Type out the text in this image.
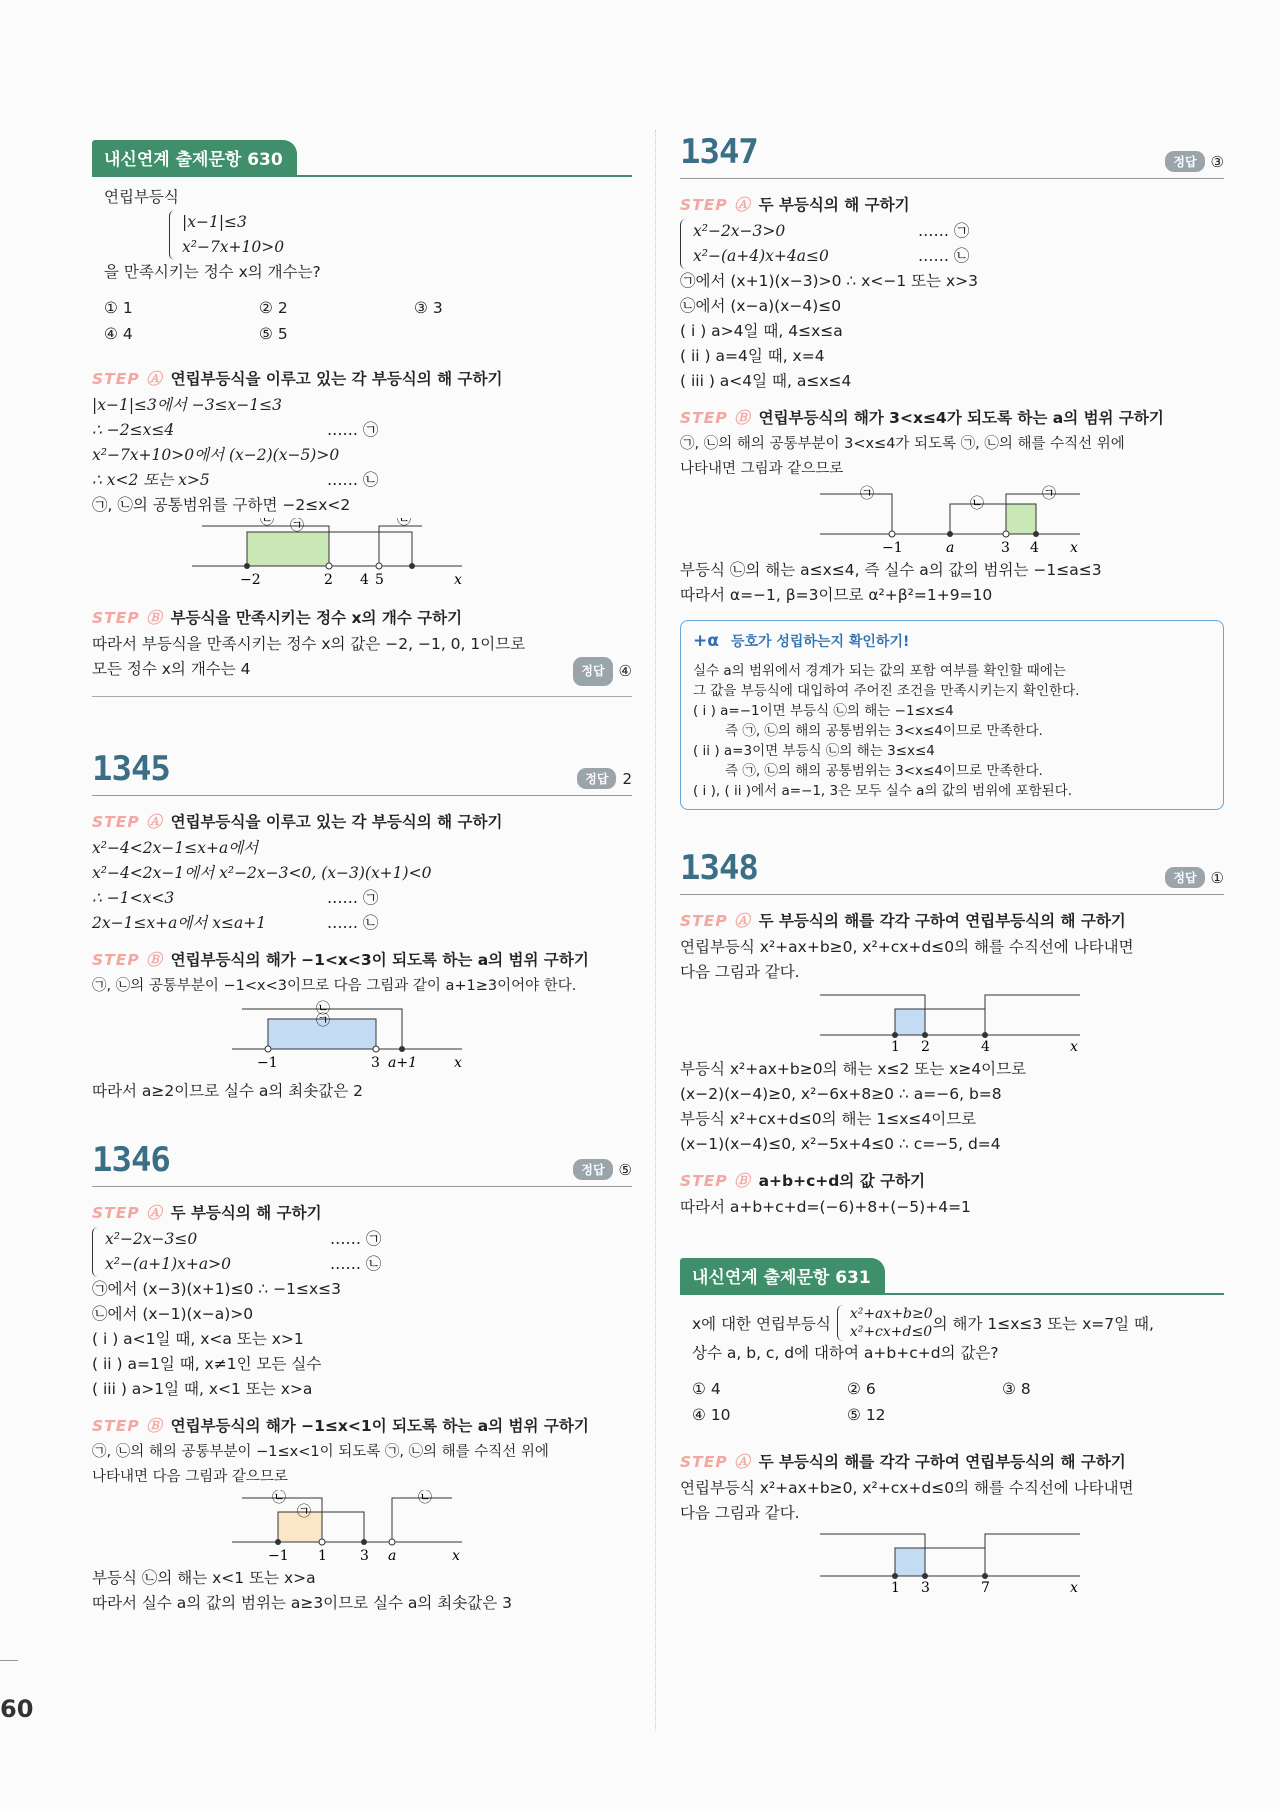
60
내신연계 출제문항 630
연립부등식
|x−1|≤3
x²−7x+10>0
을 만족시키는 정수 x의 개수는?
① 1	② 2	③ 3
④ 4	⑤ 5
STEP Ⓐ 연립부등식을 이루고 있는 각 부등식의 해 구하기
|x−1|≤3에서 −3≤x−1≤3
∴ −2≤x≤4	…… ㉠
x²−7x+10>0에서 (x−2)(x−5)>0
∴ x<2 또는 x>5	…… ㉡
㉠, ㉡의 공통범위를 구하면 −2≤x<2
−2	2 4 5	x
㉠
㉡	㉡
STEP Ⓑ 부등식을 만족시키는 정수 x의 개수 구하기
따라서 부등식을 만족시키는 정수 x의 값은 −2, −1, 0, 1이므로
모든 정수 x의 개수는 4	정답 ④
1345	정답 2
STEP Ⓐ 연립부등식을 이루고 있는 각 부등식의 해 구하기
x²−4<2x−1≤x+a에서
x²−4<2x−1에서 x²−2x−3<0, (x−3)(x+1)<0
∴ −1<x<3	…… ㉠
2x−1≤x+a에서 x≤a+1	…… ㉡
STEP Ⓑ 연립부등식의 해가 −1<x<3이 되도록 하는 a의 범위 구하기
㉠, ㉡의 공통부분이 −1<x<3이므로 다음 그림과 같이 a+1≥3이어야 한다.
−1	3 a+1	x
㉡
㉠
따라서 a≥2이므로 실수 a의 최솟값은 2
1346	정답 ⑤
STEP Ⓐ 두 부등식의 해 구하기
x²−2x−3≤0	…… ㉠
x²−(a+1)x+a>0	…… ㉡
㉠에서 (x−3)(x+1)≤0 ∴ −1≤x≤3
㉡에서 (x−1)(x−a)>0
( i ) a<1일 때, x<a 또는 x>1
( ii ) a=1일 때, x≠1인 모든 실수
( iii ) a>1일 때, x<1 또는 x>a
STEP Ⓑ 연립부등식의 해가 −1≤x<1이 되도록 하는 a의 범위 구하기
㉠, ㉡의 해의 공통부분이 −1≤x<1이 되도록 ㉠, ㉡의 해를 수직선 위에
나타내면 다음 그림과 같으므로
−1 1 3 a	x
㉡
㉠
㉡
부등식 ㉡의 해는 x<1 또는 x>a
따라서 실수 a의 값의 범위는 a≥3이므로 실수 a의 최솟값은 3
1347	정답 ③
STEP Ⓐ 두 부등식의 해 구하기
x²−2x−3>0	…… ㉠
x²−(a+4)x+4a≤0	…… ㉡
㉠에서 (x+1)(x−3)>0 ∴ x<−1 또는 x>3
㉡에서 (x−a)(x−4)≤0
( i ) a>4일 때, 4≤x≤a
( ii ) a=4일 때, x=4
( iii ) a<4일 때, a≤x≤4
STEP Ⓑ 연립부등식의 해가 3<x≤4가 되도록 하는 a의 범위 구하기
㉠, ㉡의 해의 공통부분이 3<x≤4가 되도록 ㉠, ㉡의 해를 수직선 위에
나타내면 그림과 같으므로
−1	a	3 4 x
㉠
㉡
㉠
부등식 ㉡의 해는 a≤x≤4, 즉 실수 a의 값의 범위는 −1≤a≤3
따라서 α=−1, β=3이므로 α²+β²=1+9=10
+α 등호가 성립하는지 확인하기!
실수 a의 범위에서 경계가 되는 값의 포함 여부를 확인할 때에는
그 값을 부등식에 대입하여 주어진 조건을 만족시키는지 확인한다.
( i ) a=−1이면 부등식 ㉡의 해는 −1≤x≤4
즉 ㉠, ㉡의 해의 공통범위는 3<x≤4이므로 만족한다.
( ii ) a=3이면 부등식 ㉡의 해는 3≤x≤4
즉 ㉠, ㉡의 해의 공통범위는 3<x≤4이므로 만족한다.
( i ), ( ii )에서 a=−1, 3은 모두 실수 a의 값의 범위에 포함된다.
1348	정답 ①
STEP Ⓐ 두 부등식의 해를 각각 구하여 연립부등식의 해 구하기
연립부등식 x²+ax+b≥0, x²+cx+d≤0의 해를 수직선에 나타내면
다음 그림과 같다.
1 2	4	x
부등식 x²+ax+b≥0의 해는 x≤2 또는 x≥4이므로
(x−2)(x−4)≥0, x²−6x+8≥0 ∴ a=−6, b=8
부등식 x²+cx+d≤0의 해는 1≤x≤4이므로
(x−1)(x−4)≤0, x²−5x+4≤0 ∴ c=−5, d=4
STEP Ⓑ a+b+c+d의 값 구하기
따라서 a+b+c+d=(−6)+8+(−5)+4=1
내신연계 출제문항 631
x에 대한 연립부등식
x²+ax+b≥0
x²+cx+d≤0 의 해가 1≤x≤3 또는 x=7일 때,
상수 a, b, c, d에 대하여 a+b+c+d의 값은?
① 4	② 6	③ 8
④ 10	⑤ 12
STEP Ⓐ 두 부등식의 해를 각각 구하여 연립부등식의 해 구하기
연립부등식 x²+ax+b≥0, x²+cx+d≤0의 해를 수직선에 나타내면
다음 그림과 같다.
1 3	7	x
